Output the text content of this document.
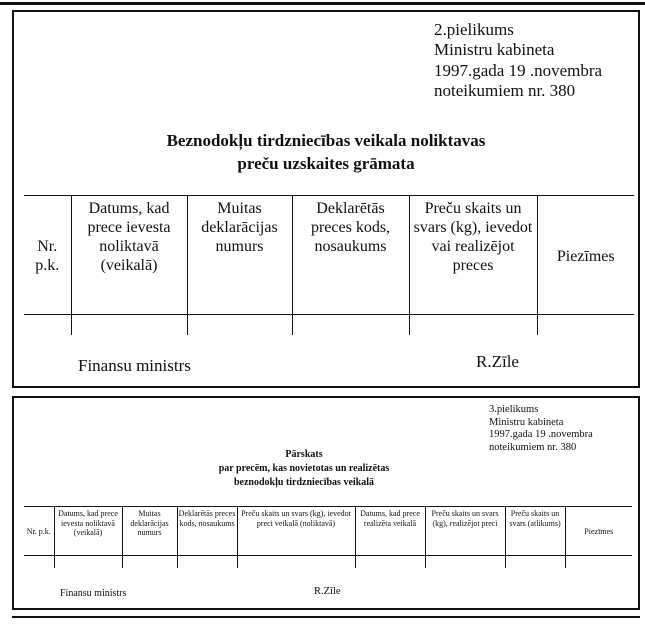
2.pielikums
Ministru kabineta
1997.gada 19 .novembra
noteikumiem nr. 380
Beznodokļu tirdzniecības veikala noliktavas
preču uzskaites grāmata
Nr. p.k.	Datums, kad prece ievesta noliktavā (veikalā)	Muitas deklarācijas numurs	Deklarētās preces kods, nosaukums	Preču skaits un svars (kg), ievedot vai realizējot preces	Piezīmes

Finansu ministrs	R.Zīle
3.pielikums
Ministru kabineta
1997.gada 19 .novembra
noteikumiem nr. 380
Pārskats
par precēm, kas novietotas un realizētas
beznodokļu tirdzniecības veikalā
Nr. p.k.	Datums, kad prece ievesta noliktavā (veikalā)	Muitas deklarācijas numurs	Deklarētās preces kods, nosaukums	Preču skaits un svars (kg), ievedot preci veikalā (noliktavā)	Datums, kad prece realizēta veikalā	Preču skaits un svars (kg), realizējot preci	Preču skaits un svars (atlikums)	Piezīmes

Finansu ministrs	R.Zīle
